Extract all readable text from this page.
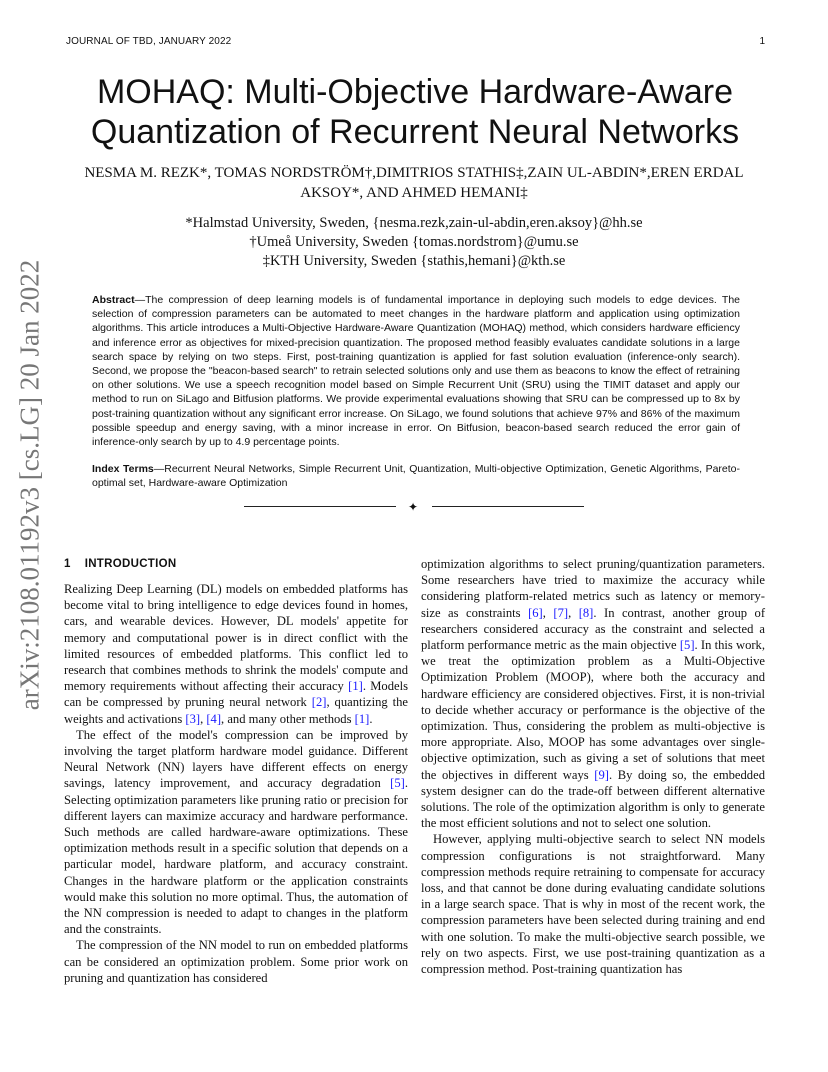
JOURNAL OF TBD, JANUARY 2022	1
MOHAQ: Multi-Objective Hardware-Aware
Quantization of Recurrent Neural Networks
NESMA M. REZK*, TOMAS NORDSTRÖM†,DIMITRIOS STATHIS‡,ZAIN UL-ABDIN*,EREN ERDAL
AKSOY*, AND AHMED HEMANI‡
*Halmstad University, Sweden, {nesma.rezk,zain-ul-abdin,eren.aksoy}@hh.se
†Umeå University, Sweden {tomas.nordstrom}@umu.se
‡KTH University, Sweden {stathis,hemani}@kth.se
arXiv:2108.01192v3 [cs.LG] 20 Jan 2022	Abstract—The compression of deep learning models is of fundamental importance in deploying such models to edge devices. The selection of compression parameters can be automated to meet changes in the hardware platform and application using optimization algorithms. This article introduces a Multi-Objective Hardware-Aware Quantization (MOHAQ) method, which considers hardware efficiency and inference error as objectives for mixed-precision quantization. The proposed method feasibly evaluates candidate solutions in a large search space by relying on two steps. First, post-training quantization is applied for fast solution evaluation (inference-only search). Second, we propose the "beacon-based search" to retrain selected solutions only and use them as beacons to know the effect of retraining on other solutions. We use a speech recognition model based on Simple Recurrent Unit (SRU) using the TIMIT dataset and apply our method to run on SiLago and Bitfusion platforms. We provide experimental evaluations showing that SRU can be compressed up to 8x by post-training quantization without any significant error increase. On SiLago, we found solutions that achieve 97% and 86% of the maximum possible speedup and energy saving, with a minor increase in error. On Bitfusion, beacon-based search reduced the error gain of inference-only search by up to 4.9 percentage points.
Index Terms—Recurrent Neural Networks, Simple Recurrent Unit, Quantization, Multi-objective Optimization, Genetic Algorithms, Pareto-optimal set, Hardware-aware Optimization
✦
1 INTRODUCTION

Realizing Deep Learning (DL) models on embedded platforms has become vital to bring intelligence to edge devices found in homes, cars, and wearable devices. However, DL models' appetite for memory and computational power is in direct conflict with the limited resources of embedded platforms. This conflict led to research that combines methods to shrink the models' compute and memory requirements without affecting their accuracy [1]. Models can be compressed by pruning neural network [2], quantizing the weights and activations [3], [4], and many other methods [1].

The effect of the model's compression can be improved by involving the target platform hardware model guidance. Different Neural Network (NN) layers have different effects on energy savings, latency improvement, and accuracy degradation [5]. Selecting optimization parameters like pruning ratio or precision for different layers can maximize accuracy and hardware performance. Such methods are called hardware-aware optimizations. These optimization methods result in a specific solution that depends on a particular model, hardware platform, and accuracy constraint. Changes in the hardware platform or the application constraints would make this solution no more optimal. Thus, the automation of the NN compression is needed to adapt to changes in the platform and the constraints.

The compression of the NN model to run on embedded platforms can be considered an optimization problem. Some prior work on pruning and quantization has considered

optimization algorithms to select pruning/quantization parameters. Some researchers have tried to maximize the accuracy while considering platform-related metrics such as latency or memory-size as constraints [6], [7], [8]. In contrast, another group of researchers considered accuracy as the constraint and selected a platform performance metric as the main objective [5]. In this work, we treat the optimization problem as a Multi-Objective Optimization Problem (MOOP), where both the accuracy and hardware efficiency are considered objectives. First, it is non-trivial to decide whether accuracy or performance is the objective of the optimization. Thus, considering the problem as multi-objective is more appropriate. Also, MOOP has some advantages over single-objective optimization, such as giving a set of solutions that meet the objectives in different ways [9]. By doing so, the embedded system designer can do the trade-off between different alternative solutions. The role of the optimization algorithm is only to generate the most efficient solutions and not to select one solution.

However, applying multi-objective search to select NN models compression configurations is not straightforward. Many compression methods require retraining to compensate for accuracy loss, and that cannot be done during evaluating candidate solutions in a large search space. That is why in most of the recent work, the compression parameters have been selected during training and end with one solution. To make the multi-objective search possible, we rely on two aspects. First, we use post-training quantization as a compression method. Post-training quantization has
